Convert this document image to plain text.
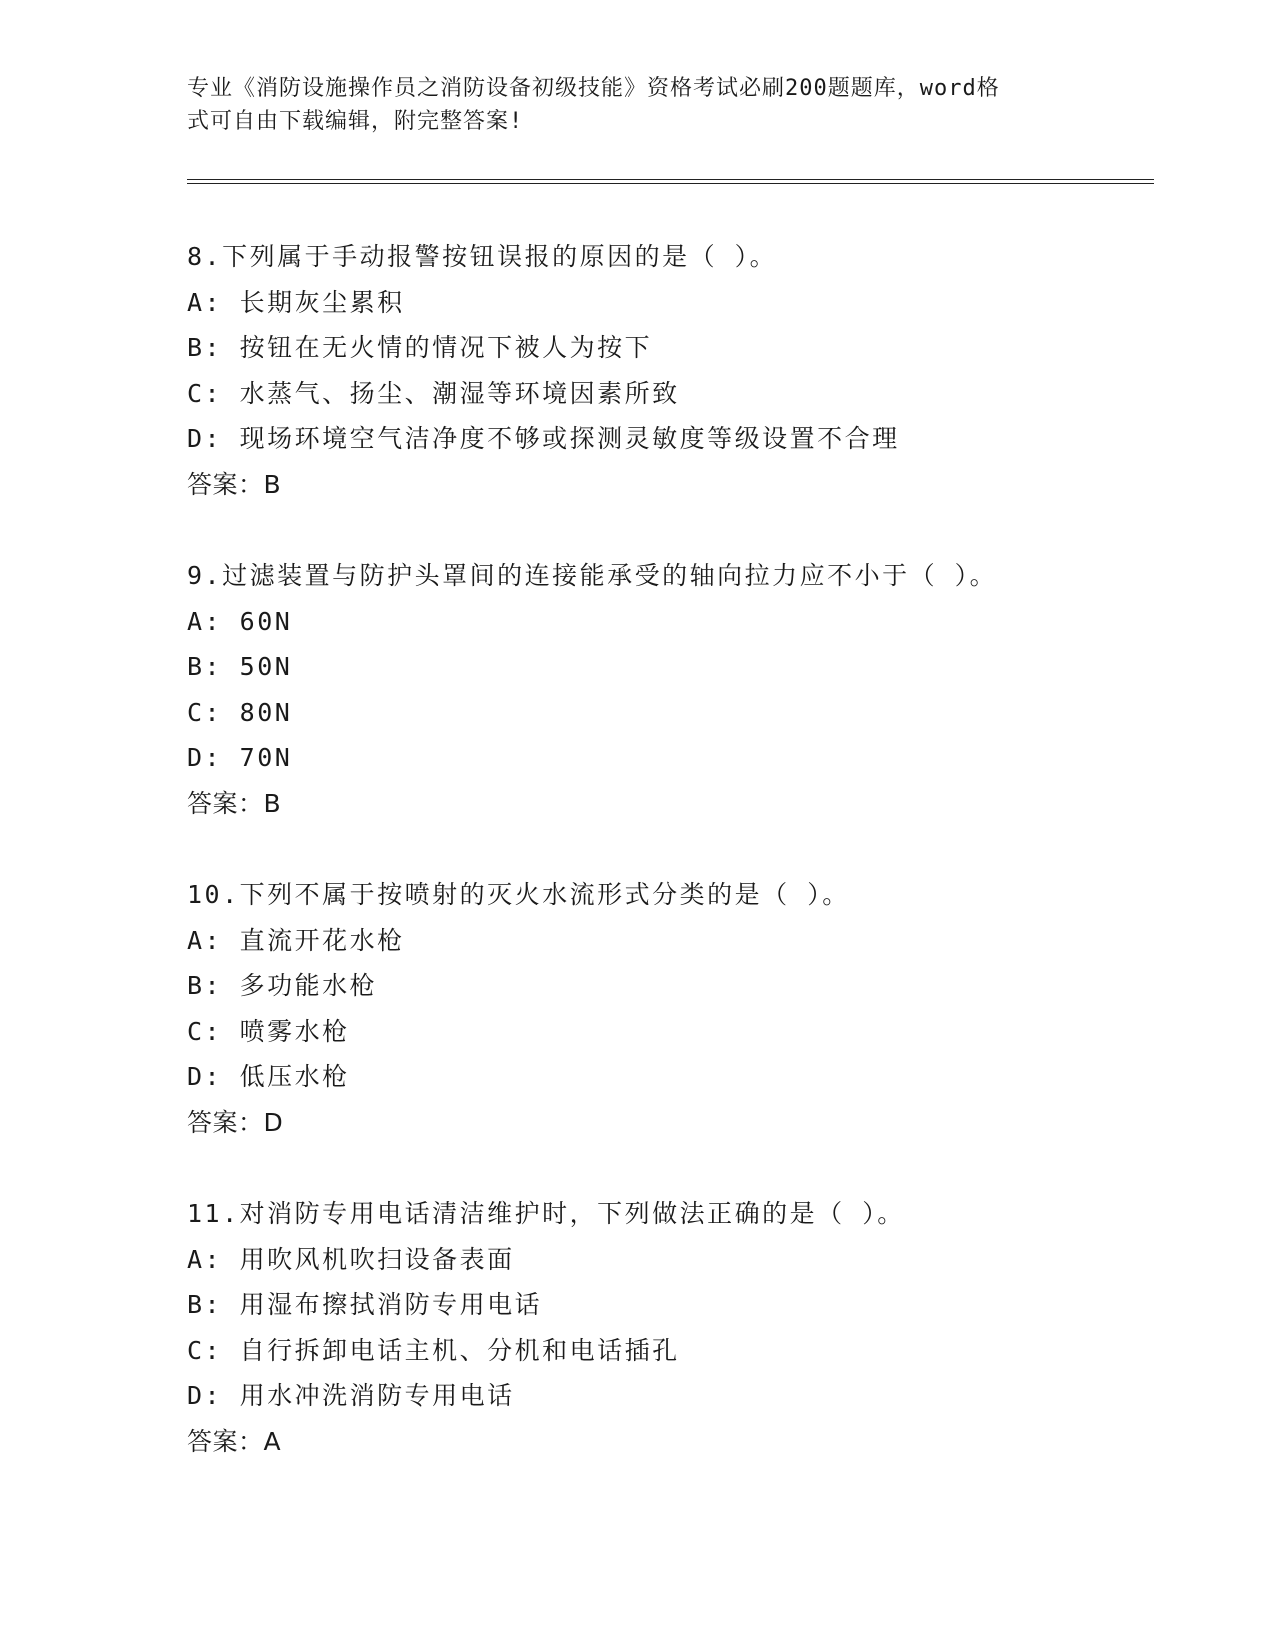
专业《消防设施操作员之消防设备初级技能》资格考试必刷200题题库，word格
式可自由下载编辑，附完整答案!
8.下列属于手动报警按钮误报的原因的是（ ）。
A: 长期灰尘累积
B: 按钮在无火情的情况下被人为按下
C: 水蒸气、扬尘、潮湿等环境因素所致
D: 现场环境空气洁净度不够或探测灵敏度等级设置不合理
答案：B
9.过滤装置与防护头罩间的连接能承受的轴向拉力应不小于（ ）。
A: 60N
B: 50N
C: 80N
D: 70N
答案：B
10.下列不属于按喷射的灭火水流形式分类的是（ ）。
A: 直流开花水枪
B: 多功能水枪
C: 喷雾水枪
D: 低压水枪
答案：D
11.对消防专用电话清洁维护时，下列做法正确的是（ ）。
A: 用吹风机吹扫设备表面
B: 用湿布擦拭消防专用电话
C: 自行拆卸电话主机、分机和电话插孔
D: 用水冲洗消防专用电话
答案：A
